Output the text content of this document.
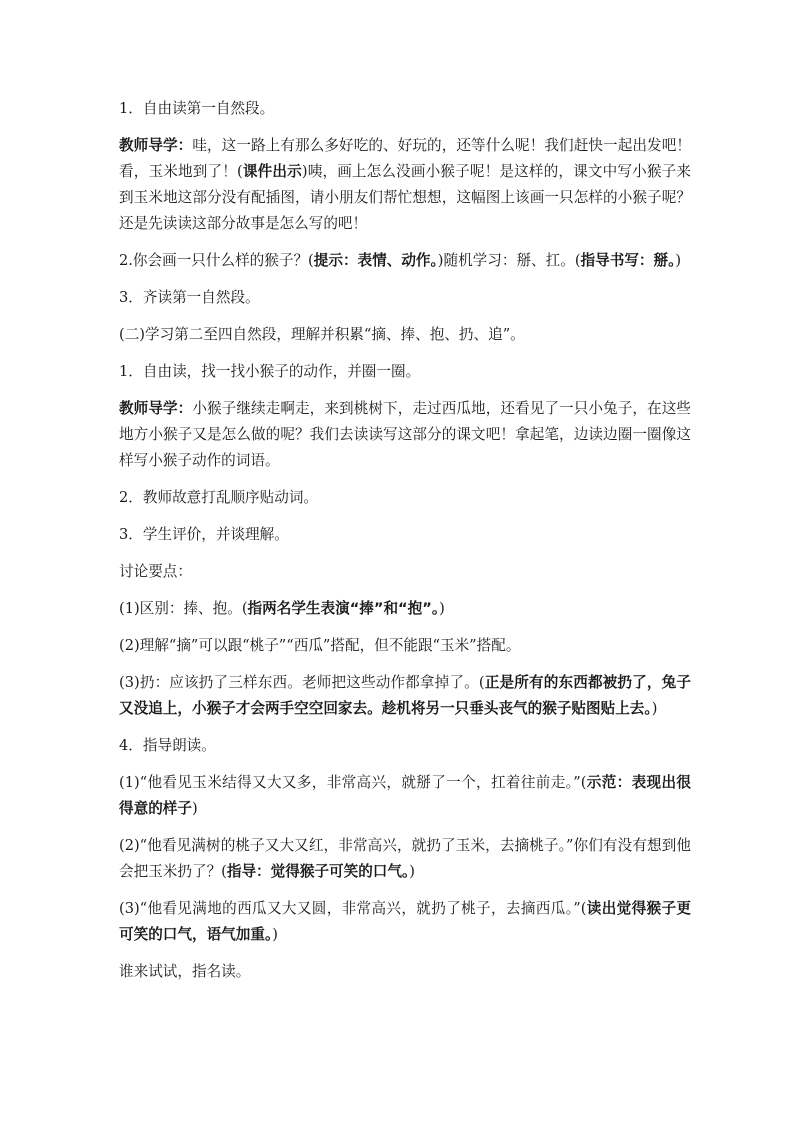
1．自由读第一自然段。

教师导学：哇，这一路上有那么多好吃的、好玩的，还等什么呢！我们赶快一起出发吧！看，玉米地到了！(课件出示)咦，画上怎么没画小猴子呢！是这样的，课文中写小猴子来到玉米地这部分没有配插图，请小朋友们帮忙想想，这幅图上该画一只怎样的小猴子呢？还是先读读这部分故事是怎么写的吧！

2.你会画一只什么样的猴子？(提示：表情、动作。)随机学习：掰、扛。(指导书写：掰。)

3．齐读第一自然段。

(二)学习第二至四自然段，理解并积累“摘、捧、抱、扔、追”。

1．自由读，找一找小猴子的动作，并圈一圈。

教师导学：小猴子继续走啊走，来到桃树下，走过西瓜地，还看见了一只小兔子，在这些地方小猴子又是怎么做的呢？我们去读读写这部分的课文吧！拿起笔，边读边圈一圈像这样写小猴子动作的词语。

2．教师故意打乱顺序贴动词。

3．学生评价，并谈理解。

讨论要点：

(1)区别：捧、抱。(指两名学生表演“捧”和“抱”。)

(2)理解“摘”可以跟“桃子”“西瓜”搭配，但不能跟“玉米”搭配。

(3)扔：应该扔了三样东西。老师把这些动作都拿掉了。(正是所有的东西都被扔了，兔子又没追上，小猴子才会两手空空回家去。趁机将另一只垂头丧气的猴子贴图贴上去。)

4．指导朗读。

(1)“他看见玉米结得又大又多，非常高兴，就掰了一个，扛着往前走。”(示范：表现出很得意的样子)

(2)“他看见满树的桃子又大又红，非常高兴，就扔了玉米，去摘桃子。”你们有没有想到他会把玉米扔了？(指导：觉得猴子可笑的口气。)

(3)“他看见满地的西瓜又大又圆，非常高兴，就扔了桃子，去摘西瓜。”(读出觉得猴子更可笑的口气，语气加重。)

谁来试试，指名读。
